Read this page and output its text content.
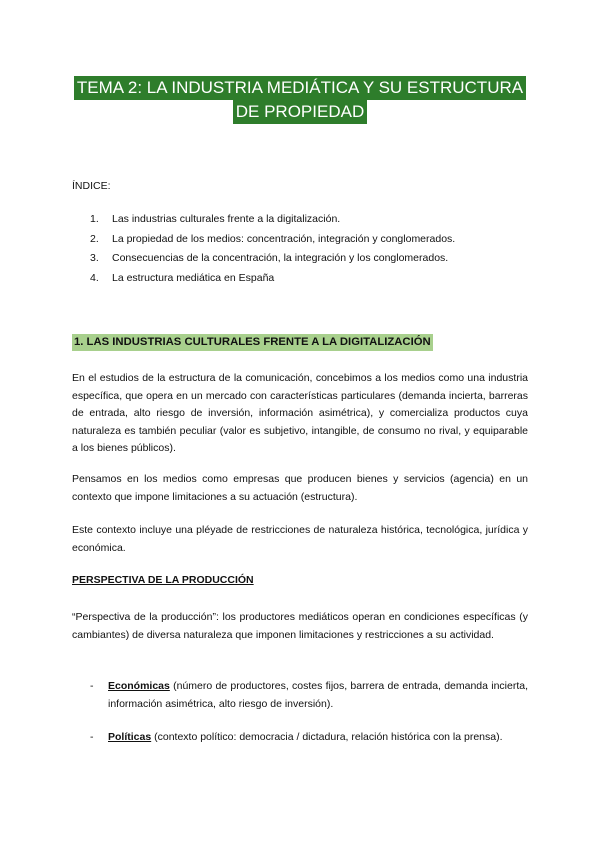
TEMA 2: LA INDUSTRIA MEDIÁTICA Y SU ESTRUCTURA
DE PROPIEDAD
ÍNDICE:
1. Las industrias culturales frente a la digitalización.
2. La propiedad de los medios: concentración, integración y conglomerados.
3. Consecuencias de la concentración, la integración y los conglomerados.
4. La estructura mediática en España
1. LAS INDUSTRIAS CULTURALES FRENTE A LA DIGITALIZACIÓN

En el estudios de la estructura de la comunicación, concebimos a los medios como una industria específica, que opera en un mercado con características particulares (demanda incierta, barreras de entrada, alto riesgo de inversión, información asimétrica), y comercializa productos cuya naturaleza es también peculiar (valor es subjetivo, intangible, de consumo no rival, y equiparable a los bienes públicos).

Pensamos en los medios como empresas que producen bienes y servicios (agencia) en un contexto que impone limitaciones a su actuación (estructura).

Este contexto incluye una pléyade de restricciones de naturaleza histórica, tecnológica, jurídica y económica.

PERSPECTIVA DE LA PRODUCCIÓN

“Perspectiva de la producción”: los productores mediáticos operan en condiciones específicas (y cambiantes) de diversa naturaleza que imponen limitaciones y restricciones a su actividad.

- Económicas (número de productores, costes fijos, barrera de entrada, demanda incierta, información asimétrica, alto riesgo de inversión).
- Políticas (contexto político: democracia / dictadura, relación histórica con la prensa).
